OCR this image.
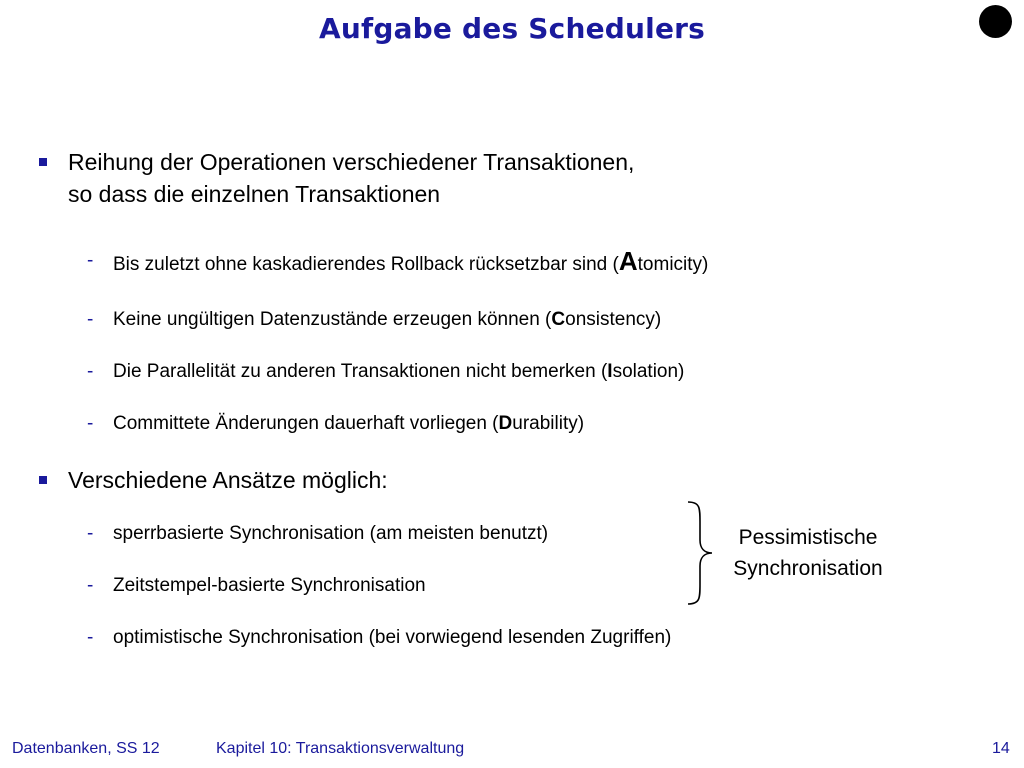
Aufgabe des Schedulers
Reihung der Operationen verschiedener Transaktionen,
so dass die einzelnen Transaktionen
- Bis zuletzt ohne kaskadierendes Rollback rücksetzbar sind (Atomicity)
- Keine ungültigen Datenzustände erzeugen können (Consistency)
- Die Parallelität zu anderen Transaktionen nicht bemerken (Isolation)
- Committete Änderungen dauerhaft vorliegen (Durability)
Verschiedene Ansätze möglich:
- sperrbasierte Synchronisation (am meisten benutzt)
- Zeitstempel-basierte Synchronisation
- optimistische Synchronisation (bei vorwiegend lesenden Zugriffen)
Pessimistische
Synchronisation
Datenbanken, SS 12	Kapitel 10: Transaktionsverwaltung	14
